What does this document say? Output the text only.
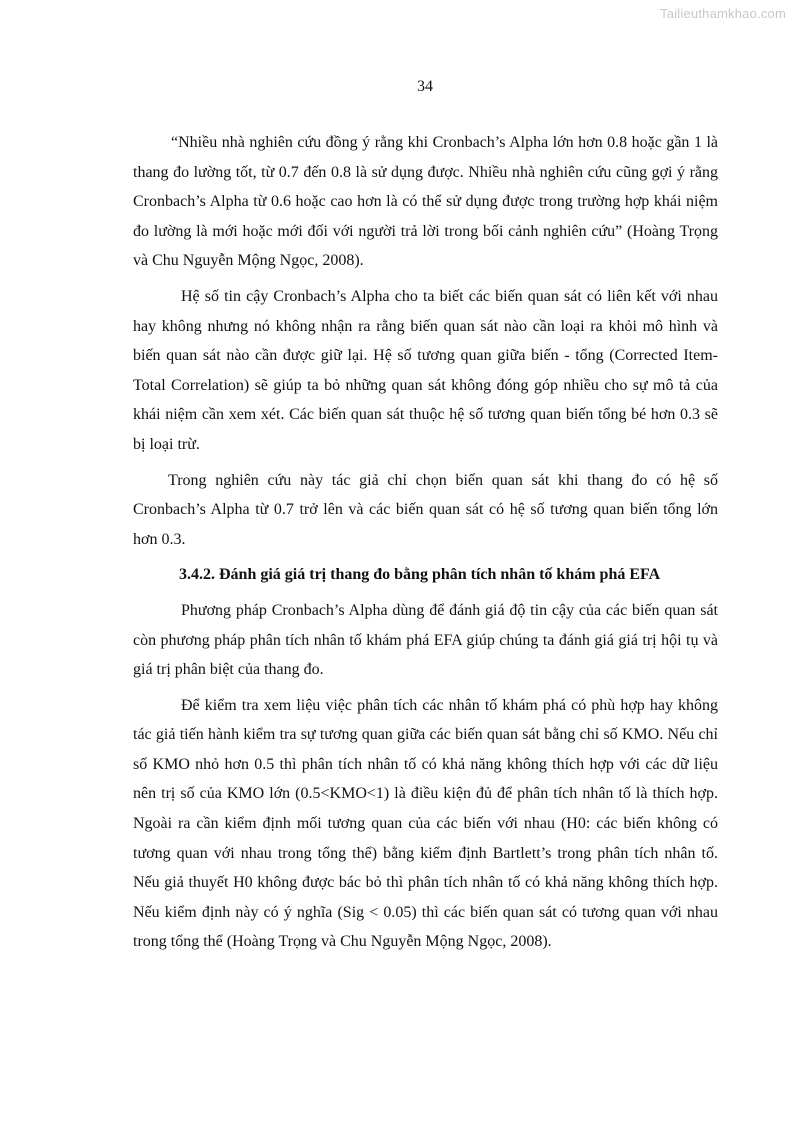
Tailieuthamkhao.com
34

“Nhiều nhà nghiên cứu đồng ý rằng khi Cronbach’s Alpha lớn hơn 0.8 hoặc gần 1 là thang đo lường tốt, từ 0.7 đến 0.8 là sử dụng được. Nhiều nhà nghiên cứu cũng gợi ý rằng Cronbach’s Alpha từ 0.6 hoặc cao hơn là có thể sử dụng được trong trường hợp khái niệm đo lường là mới hoặc mới đối với người trả lời trong bối cảnh nghiên cứu” (Hoàng Trọng và Chu Nguyễn Mộng Ngọc, 2008).

Hệ số tin cậy Cronbach’s Alpha cho ta biết các biến quan sát có liên kết với nhau hay không nhưng nó không nhận ra rằng biến quan sát nào cần loại ra khỏi mô hình và biến quan sát nào cần được giữ lại. Hệ số tương quan giữa biến - tổng (Corrected Item-Total Correlation) sẽ giúp ta bỏ những quan sát không đóng góp nhiều cho sự mô tả của khái niệm cần xem xét. Các biến quan sát thuộc hệ số tương quan biến tổng bé hơn 0.3 sẽ bị loại trừ.

Trong nghiên cứu này tác giả chỉ chọn biến quan sát khi thang đo có hệ số Cronbach’s Alpha từ 0.7 trở lên và các biến quan sát có hệ số tương quan biến tổng lớn hơn 0.3.

3.4.2. Đánh giá giá trị thang đo bằng phân tích nhân tố khám phá EFA

Phương pháp Cronbach’s Alpha dùng để đánh giá độ tin cậy của các biến quan sát còn phương pháp phân tích nhân tố khám phá EFA giúp chúng ta đánh giá giá trị hội tụ và giá trị phân biệt của thang đo.

Để kiểm tra xem liệu việc phân tích các nhân tố khám phá có phù hợp hay không tác giả tiến hành kiểm tra sự tương quan giữa các biến quan sát bằng chỉ số KMO. Nếu chỉ số KMO nhỏ hơn 0.5 thì phân tích nhân tố có khả năng không thích hợp với các dữ liệu nên trị số của KMO lớn (0.5<KMO<1) là điều kiện đủ để phân tích nhân tố là thích hợp. Ngoài ra cần kiểm định mối tương quan của các biến với nhau (H0: các biến không có tương quan với nhau trong tổng thể) bằng kiểm định Bartlett’s trong phân tích nhân tố. Nếu giả thuyết H0 không được bác bỏ thì phân tích nhân tố có khả năng không thích hợp. Nếu kiểm định này có ý nghĩa (Sig < 0.05) thì các biến quan sát có tương quan với nhau trong tổng thể (Hoàng Trọng và Chu Nguyễn Mộng Ngọc, 2008).
